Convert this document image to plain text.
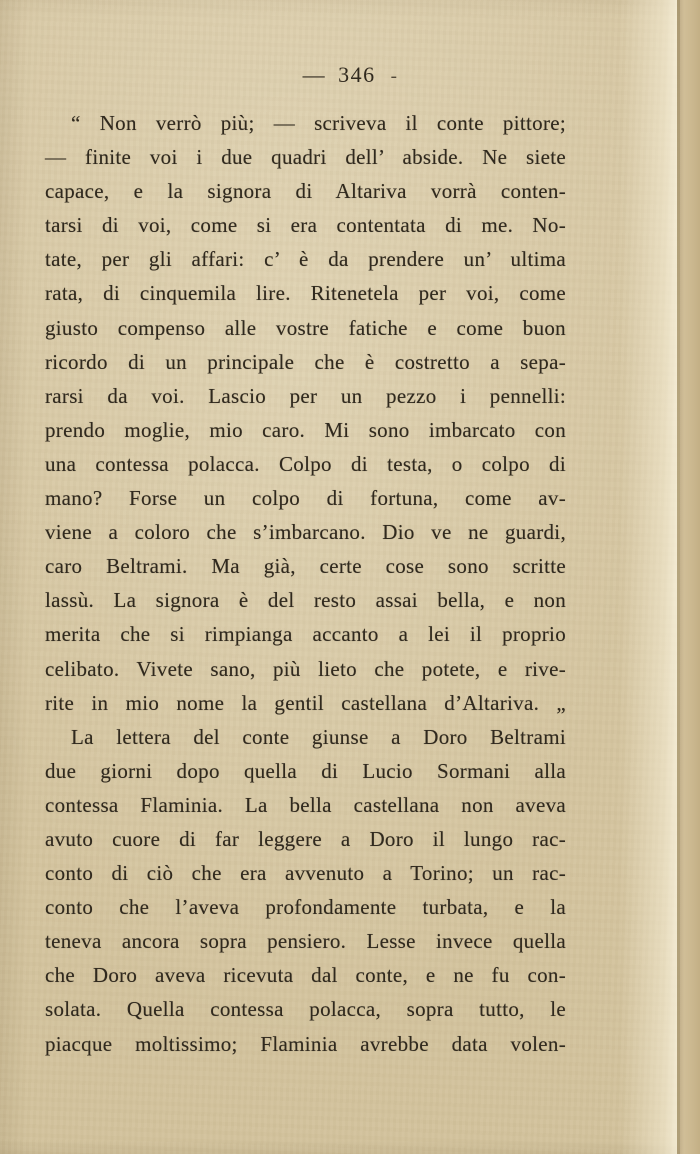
— 346 -
“ Non verrò più; — scriveva il conte pittore;
— finite voi i due quadri dell’ abside. Ne siete
capace, e la signora di Altariva vorrà conten-
tarsi di voi, come si era contentata di me. No-
tate, per gli affari: c’ è da prendere un’ ultima
rata, di cinquemila lire. Ritenetela per voi, come
giusto compenso alle vostre fatiche e come buon
ricordo di un principale che è costretto a sepa-
rarsi da voi. Lascio per un pezzo i pennelli:
prendo moglie, mio caro. Mi sono imbarcato con
una contessa polacca. Colpo di testa, o colpo di
mano? Forse un colpo di fortuna, come av-
viene a coloro che s’imbarcano. Dio ve ne guardi,
caro Beltrami. Ma già, certe cose sono scritte
lassù. La signora è del resto assai bella, e non
merita che si rimpianga accanto a lei il proprio
celibato. Vivete sano, più lieto che potete, e rive-
rite in mio nome la gentil castellana d’Altariva. „
La lettera del conte giunse a Doro Beltrami
due giorni dopo quella di Lucio Sormani alla
contessa Flaminia. La bella castellana non aveva
avuto cuore di far leggere a Doro il lungo rac-
conto di ciò che era avvenuto a Torino; un rac-
conto che l’aveva profondamente turbata, e la
teneva ancora sopra pensiero. Lesse invece quella
che Doro aveva ricevuta dal conte, e ne fu con-
solata. Quella contessa polacca, sopra tutto, le
piacque moltissimo; Flaminia avrebbe data volen-
